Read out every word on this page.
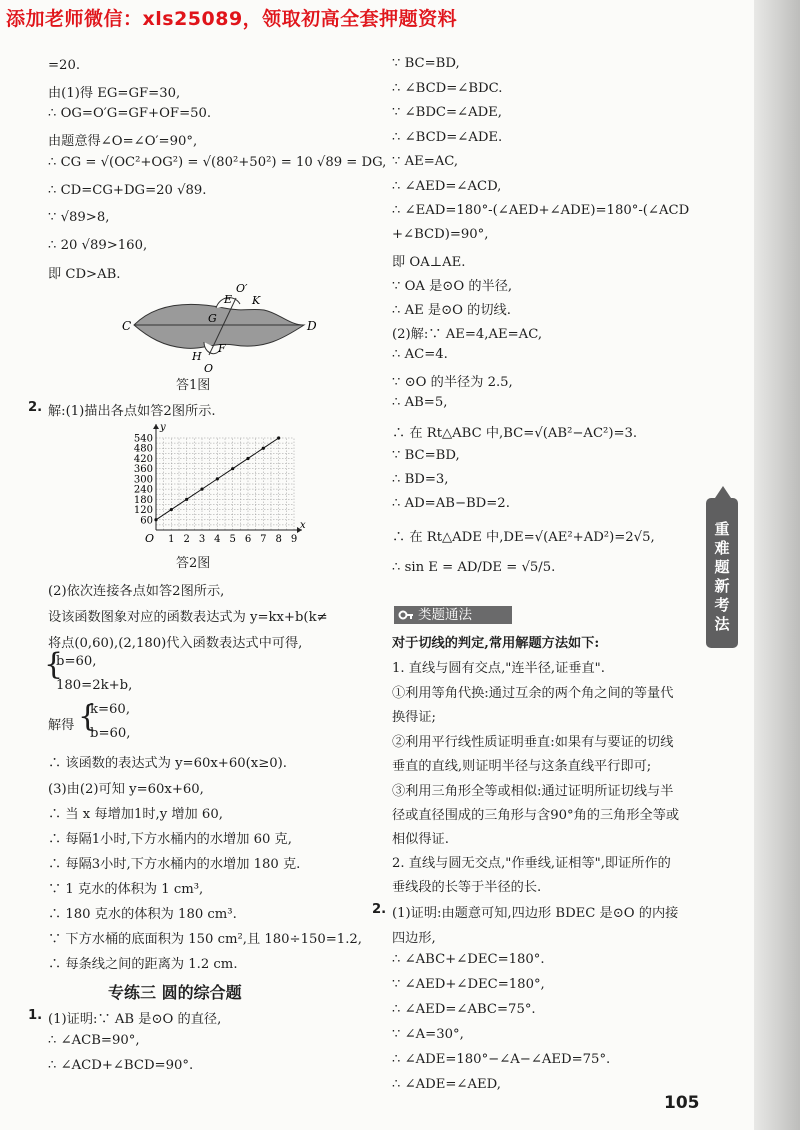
添加老师微信：xls25089，领取初高全套押题资料
=20.
由(1)得 EG=GF=30,
∴ OG=O′G=GF+OF=50.
由题意得∠O=∠O′=90°,
∴ CG = √(OC²+OG²) = √(80²+50²) = 10 √89 = DG,
∴ CD=CG+DG=20 √89.
∵ √89>8,
∴ 20 √89>160,
即 CD>AB.
C	D
E
O′
K
G
F
H
O
答1图
2. 解:(1)描出各点如答2图所示.
y
x
O
540
480
420
360
300
240
180
120
60
1 2 3 4 5 6 7 8 9
答2图
(2)依次连接各点如答2图所示,
设该函数图象对应的函数表达式为 y=kx+b(k≠
将点(0,60),(2,180)代入函数表达式中可得,
{
b=60,
180=2k+b,
解得 {
k=60,
b=60,
∴ 该函数的表达式为 y=60x+60(x≥0).
(3)由(2)可知 y=60x+60,
∴ 当 x 每增加1时,y 增加 60,
∴ 每隔1小时,下方水桶内的水增加 60 克,
∴ 每隔3小时,下方水桶内的水增加 180 克.
∵ 1 克水的体积为 1 cm³,
∴ 180 克水的体积为 180 cm³.
∵ 下方水桶的底面积为 150 cm²,且 180÷150=1.2,
∴ 每条线之间的距离为 1.2 cm.
专练三 圆的综合题
1. (1)证明:∵ AB 是⊙O 的直径,
∴ ∠ACB=90°,
∴ ∠ACD+∠BCD=90°.
∵ BC=BD,
∴ ∠BCD=∠BDC.
∵ ∠BDC=∠ADE,
∴ ∠BCD=∠ADE.
∵ AE=AC,
∴ ∠AED=∠ACD,
∴ ∠EAD=180°-(∠AED+∠ADE)=180°-(∠ACD
+∠BCD)=90°,
即 OA⊥AE.
∵ OA 是⊙O 的半径,
∴ AE 是⊙O 的切线.
(2)解:∵ AE=4,AE=AC,
∴ AC=4.
∵ ⊙O 的半径为 2.5,
∴ AB=5,
∴ 在 Rt△ABC 中,BC=√(AB²−AC²)=3.
∵ BC=BD,
∴ BD=3,
∴ AD=AB−BD=2.
∴ 在 Rt△ADE 中,DE=√(AE²+AD²)=2√5,
∴ sin E = AD/DE = √5/5.
对于切线的判定,常用解题方法如下:
1. 直线与圆有交点,"连半径,证垂直".
①利用等角代换:通过互余的两个角之间的等量代
换得证;
②利用平行线性质证明垂直:如果有与要证的切线
垂直的直线,则证明半径与这条直线平行即可;
③利用三角形全等或相似:通过证明所证切线与半
径或直径围成的三角形与含90°角的三角形全等或
相似得证.
2. 直线与圆无交点,"作垂线,证相等",即证所作的
垂线段的长等于半径的长.
2. (1)证明:由题意可知,四边形 BDEC 是⊙O 的内接
四边形,
∴ ∠ABC+∠DEC=180°.
∵ ∠AED+∠DEC=180°,
∴ ∠AED=∠ABC=75°.
∵ ∠A=30°,
∴ ∠ADE=180°−∠A−∠AED=75°.
∴ ∠ADE=∠AED,
类题通法
重
难
题
新
考
法
105
